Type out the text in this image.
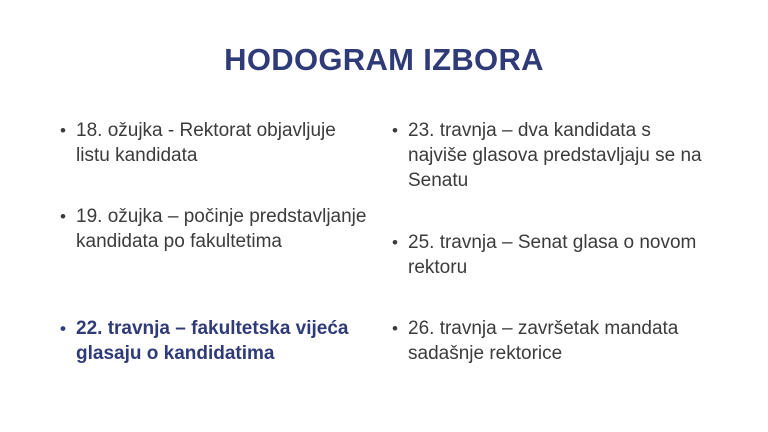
HODOGRAM IZBORA
• 18. ožujka - Rektorat objavljuje listu kandidata
• 19. ožujka – počinje predstavljanje kandidata po fakultetima
• 22. travnja – fakultetska vijeća glasaju o kandidatima
• 23. travnja – dva kandidata s najviše glasova predstavljaju se na Senatu
• 25. travnja – Senat glasa o novom rektoru
• 26. travnja – završetak mandata sadašnje rektorice
